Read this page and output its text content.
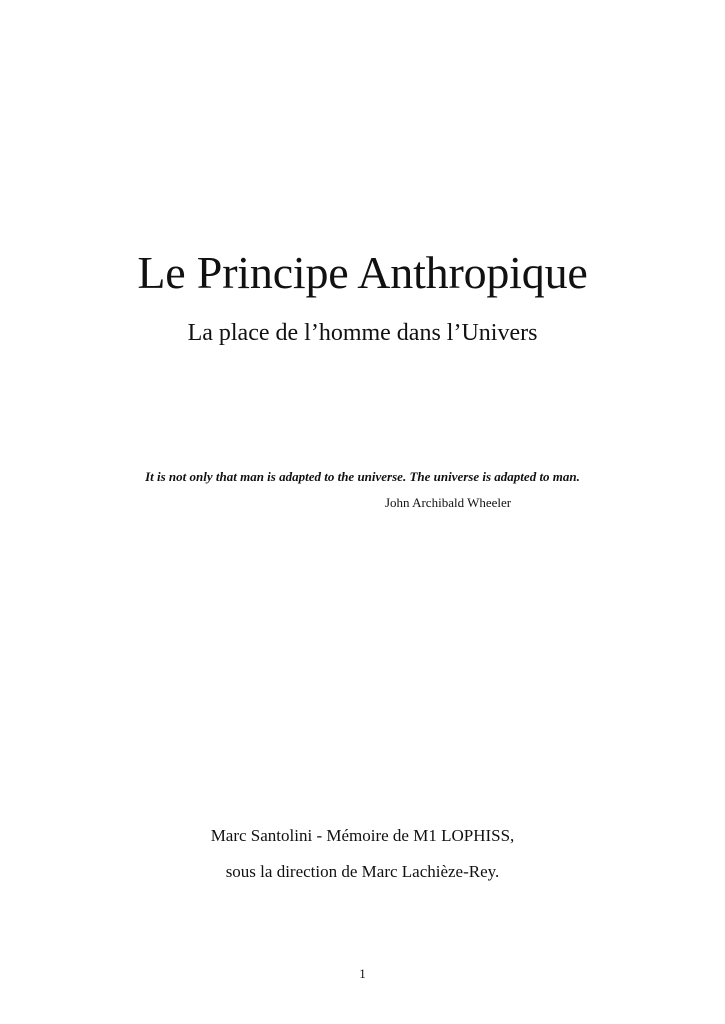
Le Principe Anthropique

La place de l’homme dans l’Univers

It is not only that man is adapted to the universe. The universe is adapted to man.

John Archibald Wheeler

Marc Santolini - Mémoire de M1 LOPHISS,

sous la direction de Marc Lachièze-Rey.

1
